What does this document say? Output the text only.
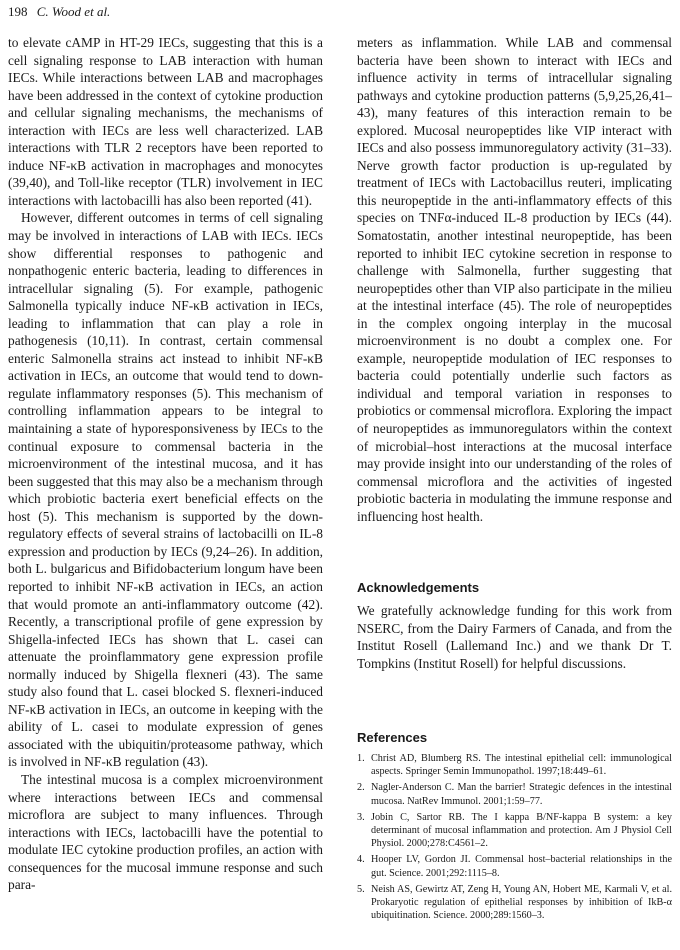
198 C. Wood et al.

to elevate cAMP in HT-29 IECs, suggesting that this is a cell signaling response to LAB interaction with human IECs. While interactions between LAB and macrophages have been addressed in the context of cytokine production and cellular signaling mechanisms, the mechanisms of interaction with IECs are less well characterized. LAB interactions with TLR 2 receptors have been reported to induce NF-κB activation in macrophages and monocytes (39,40), and Toll-like receptor (TLR) involvement in IEC interactions with lactobacilli has also been reported (41).

However, different outcomes in terms of cell signaling may be involved in interactions of LAB with IECs. IECs show differential responses to pathogenic and nonpathogenic enteric bacteria, leading to differences in intracellular signaling (5). For example, pathogenic Salmonella typically induce NF-κB activation in IECs, leading to inflammation that can play a role in pathogenesis (10,11). In contrast, certain commensal enteric Salmonella strains act instead to inhibit NF-κB activation in IECs, an outcome that would tend to down-regulate inflammatory responses (5). This mechanism of controlling inflammation appears to be integral to maintaining a state of hyporesponsiveness by IECs to the continual exposure to commensal bacteria in the microenvironment of the intestinal mucosa, and it has been suggested that this may also be a mechanism through which probiotic bacteria exert beneficial effects on the host (5). This mechanism is supported by the down-regulatory effects of several strains of lactobacilli on IL-8 expression and production by IECs (9,24–26). In addition, both L. bulgaricus and Bifidobacterium longum have been reported to inhibit NF-κB activation in IECs, an action that would promote an anti-inflammatory outcome (42). Recently, a transcriptional profile of gene expression by Shigella-infected IECs has shown that L. casei can attenuate the proinflammatory gene expression profile normally induced by Shigella flexneri (43). The same study also found that L. casei blocked S. flexneri-induced NF-κB activation in IECs, an outcome in keeping with the ability of L. casei to modulate expression of genes associated with the ubiquitin/proteasome pathway, which is involved in NF-κB regulation (43).

The intestinal mucosa is a complex microenvironment where interactions between IECs and commensal microflora are subject to many influences. Through interactions with IECs, lactobacilli have the potential to modulate IEC cytokine production profiles, an action with consequences for the mucosal immune response and such para-

meters as inflammation. While LAB and commensal bacteria have been shown to interact with IECs and influence activity in terms of intracellular signaling pathways and cytokine production patterns (5,9,25,26,41–43), many features of this interaction remain to be explored. Mucosal neuropeptides like VIP interact with IECs and also possess immunoregulatory activity (31–33). Nerve growth factor production is up-regulated by treatment of IECs with Lactobacillus reuteri, implicating this neuropeptide in the anti-inflammatory effects of this species on TNFα-induced IL-8 production by IECs (44). Somatostatin, another intestinal neuropeptide, has been reported to inhibit IEC cytokine secretion in response to challenge with Salmonella, further suggesting that neuropeptides other than VIP also participate in the milieu at the intestinal interface (45). The role of neuropeptides in the complex ongoing interplay in the mucosal microenvironment is no doubt a complex one. For example, neuropeptide modulation of IEC responses to bacteria could potentially underlie such factors as individual and temporal variation in responses to probiotics or commensal microflora. Exploring the impact of neuropeptides as immunoregulators within the context of microbial–host interactions at the mucosal interface may provide insight into our understanding of the roles of commensal microflora and the activities of ingested probiotic bacteria in modulating the immune response and influencing host health.

Acknowledgements

We gratefully acknowledge funding for this work from NSERC, from the Dairy Farmers of Canada, and from the Institut Rosell (Lallemand Inc.) and we thank Dr T. Tompkins (Institut Rosell) for helpful discussions.

References
1. Christ AD, Blumberg RS. The intestinal epithelial cell: immunological aspects. Springer Semin Immunopathol. 1997;18:449–61.
2. Nagler-Anderson C. Man the barrier! Strategic defences in the intestinal mucosa. NatRev Immunol. 2001;1:59–77.
3. Jobin C, Sartor RB. The I kappa B/NF-kappa B system: a key determinant of mucosal inflammation and protection. Am J Physiol Cell Physiol. 2000;278:C4561–2.
4. Hooper LV, Gordon JI. Commensal host–bacterial relationships in the gut. Science. 2001;292:1115–8.
5. Neish AS, Gewirtz AT, Zeng H, Young AN, Hobert ME, Karmali V, et al. Prokaryotic regulation of epithelial responses by inhibition of IkB-α ubiquitination. Science. 2000;289:1560–3.
